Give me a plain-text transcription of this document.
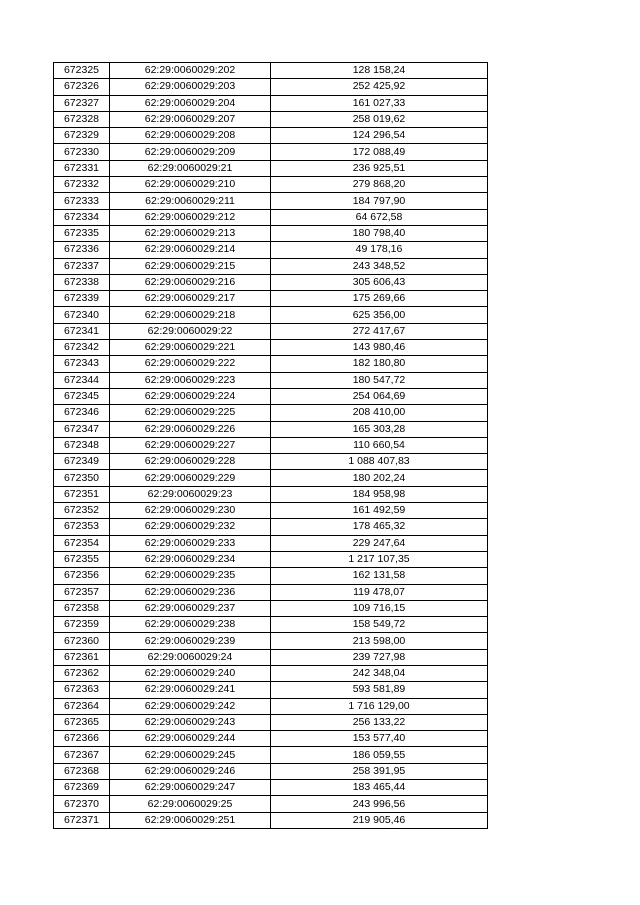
672325	62:29:0060029:202	128 158,24
672326	62:29:0060029:203	252 425,92
672327	62:29:0060029:204	161 027,33
672328	62:29:0060029:207	258 019,62
672329	62:29:0060029:208	124 296,54
672330	62:29:0060029:209	172 088,49
672331	62:29:0060029:21	236 925,51
672332	62:29:0060029:210	279 868,20
672333	62:29:0060029:211	184 797,90
672334	62:29:0060029:212	64 672,58
672335	62:29:0060029:213	180 798,40
672336	62:29:0060029:214	49 178,16
672337	62:29:0060029:215	243 348,52
672338	62:29:0060029:216	305 606,43
672339	62:29:0060029:217	175 269,66
672340	62:29:0060029:218	625 356,00
672341	62:29:0060029:22	272 417,67
672342	62:29:0060029:221	143 980,46
672343	62:29:0060029:222	182 180,80
672344	62:29:0060029:223	180 547,72
672345	62:29:0060029:224	254 064,69
672346	62:29:0060029:225	208 410,00
672347	62:29:0060029:226	165 303,28
672348	62:29:0060029:227	110 660,54
672349	62:29:0060029:228	1 088 407,83
672350	62:29:0060029:229	180 202,24
672351	62:29:0060029:23	184 958,98
672352	62:29:0060029:230	161 492,59
672353	62:29:0060029:232	178 465,32
672354	62:29:0060029:233	229 247,64
672355	62:29:0060029:234	1 217 107,35
672356	62:29:0060029:235	162 131,58
672357	62:29:0060029:236	119 478,07
672358	62:29:0060029:237	109 716,15
672359	62:29:0060029:238	158 549,72
672360	62:29:0060029:239	213 598,00
672361	62:29:0060029:24	239 727,98
672362	62:29:0060029:240	242 348,04
672363	62:29:0060029:241	593 581,89
672364	62:29:0060029:242	1 716 129,00
672365	62:29:0060029:243	256 133,22
672366	62:29:0060029:244	153 577,40
672367	62:29:0060029:245	186 059,55
672368	62:29:0060029:246	258 391,95
672369	62:29:0060029:247	183 465,44
672370	62:29:0060029:25	243 996,56
672371	62:29:0060029:251	219 905,46
